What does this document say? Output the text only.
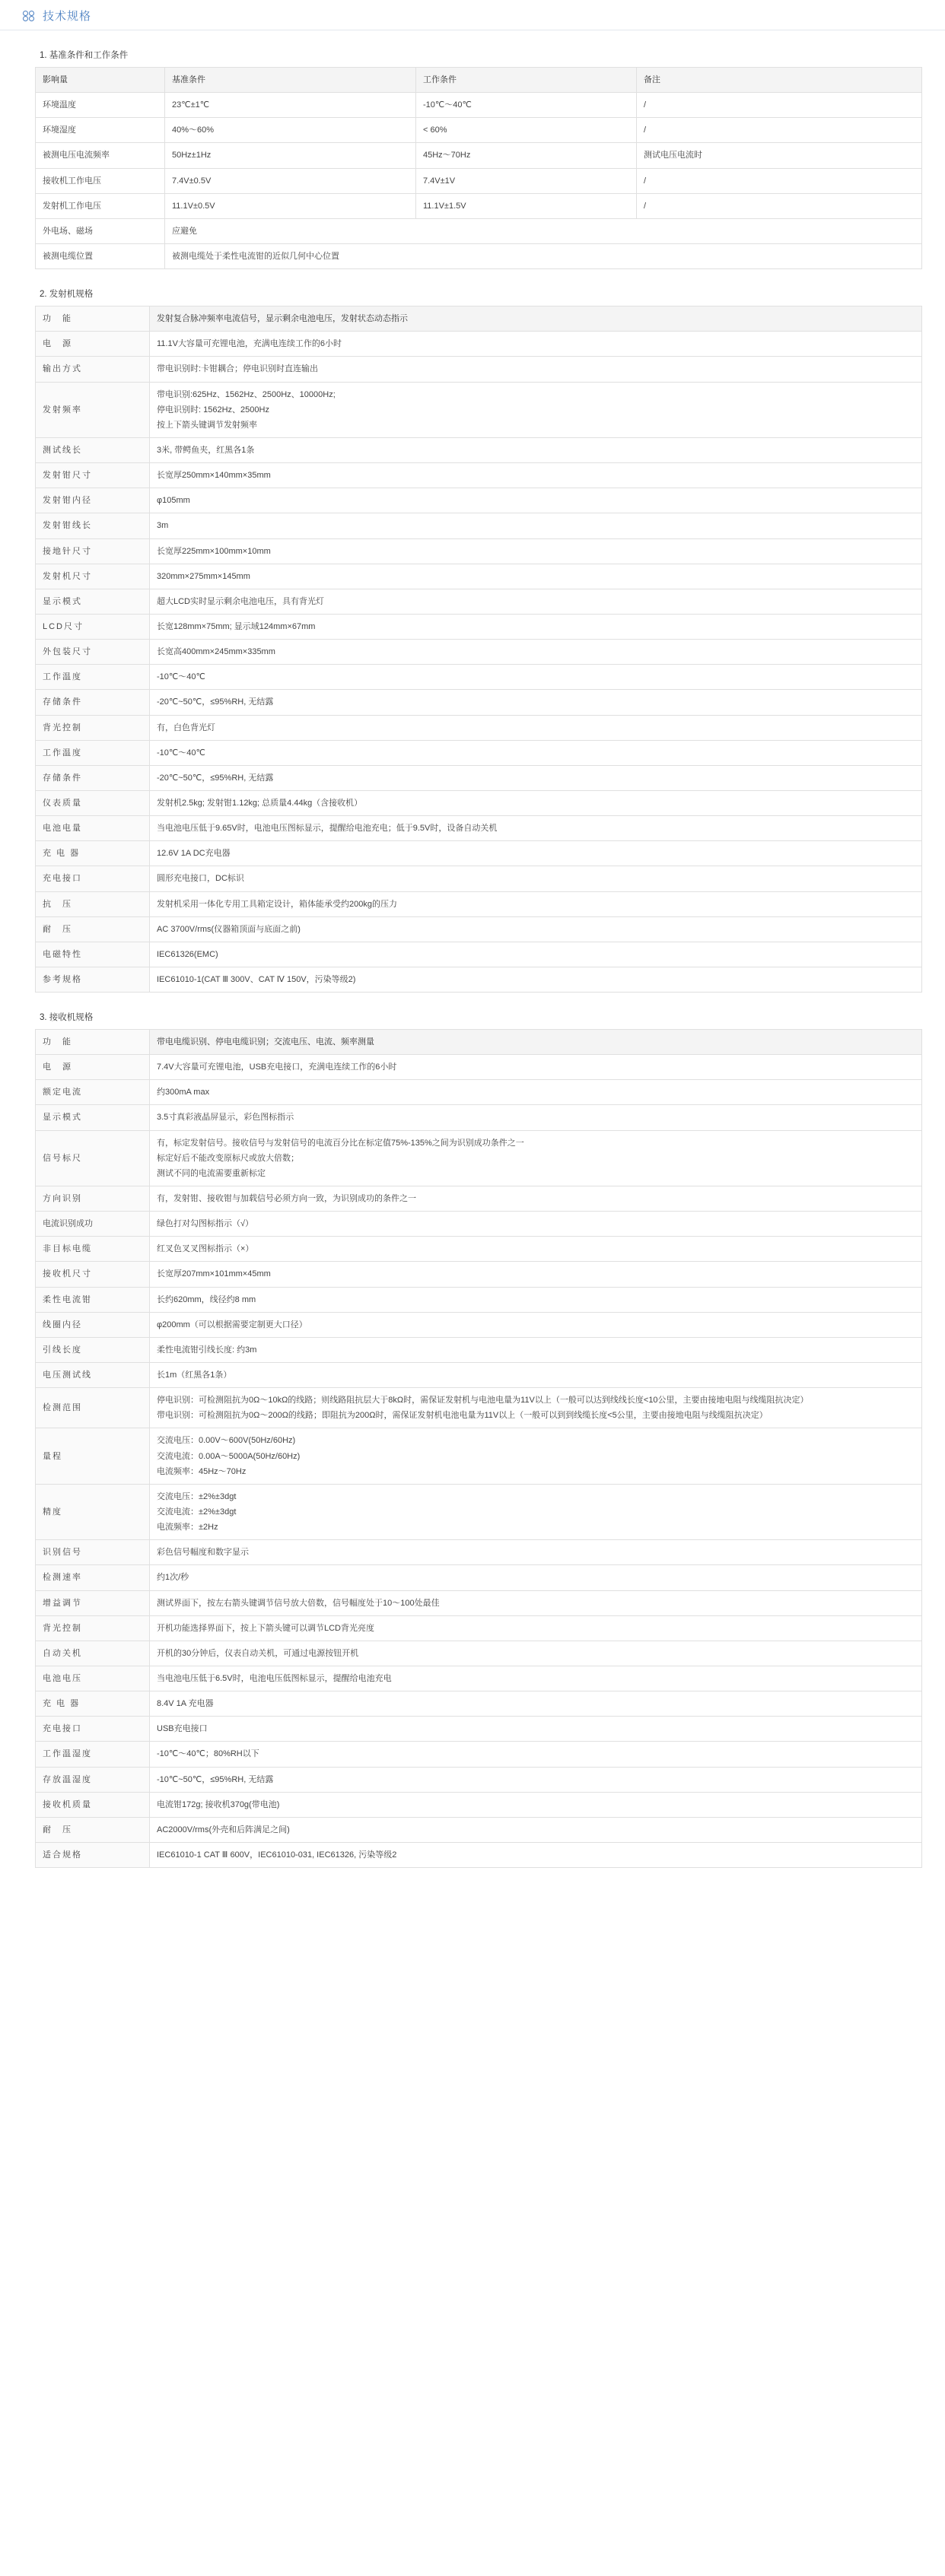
技术规格
1. 基准条件和工作条件
影响量	基准条件	工作条件	备注
环境温度	23℃±1℃	-10℃～40℃	/
环境湿度	40%～60%	< 60%	/
被测电压电流频率	50Hz±1Hz	45Hz～70Hz	测试电压电流时
接收机工作电压	7.4V±0.5V	7.4V±1V	/
发射机工作电压	11.1V±0.5V	11.1V±1.5V	/
外电场、磁场	应避免		
被测电缆位置	被测电缆处于柔性电流钳的近似几何中心位置		
2. 发射机规格
功　能	发射复合脉冲频率电流信号，显示剩余电池电压，发射状态动态指示
电　源	11.1V大容量可充锂电池，充满电连续工作的6小时

输出方式	带电识别时:卡钳耦合；停电识别时直连输出

发射频率	带电识别:625Hz、1562Hz、2500Hz、10000Hz;

停电识别时: 1562Hz、2500Hz

按上下箭头键调节发射频率

测试线长	3米, 带鳄鱼夹，红黑各1条

发射钳尺寸	长宽厚250mm×140mm×35mm

发射钳内径	φ105mm

发射钳线长	3m

接地针尺寸	长宽厚225mm×100mm×10mm

发射机尺寸	320mm×275mm×145mm

显示模式	超大LCD实时显示剩余电池电压，具有背光灯

LCD尺寸	长宽128mm×75mm; 显示域124mm×67mm

外包装尺寸	长宽高400mm×245mm×335mm

工作温度	-10℃～40℃

存储条件	-20℃~50℃，≤95%RH, 无结露

背光控制	有，白色背光灯

工作温度	-10℃～40℃

存储条件	-20℃~50℃，≤95%RH, 无结露

仪表质量	发射机2.5kg; 发射钳1.12kg; 总质量4.44kg（含接收机）

电池电量	当电池电压低于9.65V时，电池电压图标显示，提醒给电池充电；低于9.5V时，设备自动关机

充 电 器	12.6V 1A DC充电器

充电接口	圆形充电接口，DC标识

抗　压	发射机采用一体化专用工具箱定设计，箱体能承受约200kg的压力

耐　压	AC 3700V/rms(仪器箱顶面与底面之前)

电磁特性	IEC61326(EMC)

参考规格	IEC61010-1(CAT Ⅲ 300V、CAT Ⅳ 150V，污染等级2)

3. 接收机规格
功　能	带电电缆识别、停电电缆识别；交流电压、电流、频率测量
电　源	7.4V大容量可充锂电池，USB充电接口，充满电连续工作的6小时

额定电流	约300mA max

显示模式	3.5寸真彩液晶屏显示，彩色图标指示

信号标尺	有，标定发射信号。接收信号与发射信号的电流百分比在标定值75%-135%之间为识别成功条件之一

标定好后不能改变原标尺或放大倍数；

测试不同的电流需要重新标定

方向识别	有，发射钳、接收钳与加载信号必须方向一致，为识别成功的条件之一

电流识别成功	绿色打对勾图标指示（√）

非目标电缆	红叉色叉叉图标指示（×）

接收机尺寸	长宽厚207mm×101mm×45mm

柔性电流钳	长约620mm，线径约8 mm

线圈内径	φ200mm（可以根据需要定制更大口径）

引线长度	柔性电流钳引线长度: 约3m

电压测试线	长1m（红黑各1条）

检测范围	停电识别：可检测阻抗为0Ω～10kΩ的线路；则线路阻抗层大于8kΩ时，需保证发射机与电池电量为11V以上（一般可以达到线线长度<10公里，主要由接地电阻与线缆阻抗决定）

带电识别：可检测阻抗为0Ω～200Ω的线路；即阻抗为200Ω时，需保证发射机电池电量为11V以上（一般可以到到线缆长度<5公里，主要由接地电阻与线缆阻抗决定）

量程	交流电压：0.00V～600V(50Hz/60Hz)

交流电流：0.00A～5000A(50Hz/60Hz)

电流频率：45Hz～70Hz

精度	交流电压：±2%±3dgt

交流电流：±2%±3dgt

电流频率：±2Hz

识别信号	彩色信号幅度和数字显示

检测速率	约1次/秒

增益调节	测试界面下，按左右箭头键调节信号放大倍数，信号幅度处于10～100处最佳

背光控制	开机功能选择界面下，按上下箭头键可以调节LCD背光亮度

自动关机	开机的30分钟后，仪表自动关机，可通过电源按钮开机

电池电压	当电池电压低于6.5V时，电池电压低图标显示，提醒给电池充电

充 电 器	8.4V 1A 充电器

充电接口	USB充电接口

工作温湿度	-10℃～40℃；80%RH以下

存放温湿度	-10℃~50℃，≤95%RH, 无结露

接收机质量	电流钳172g; 接收机370g(带电池)

耐　压	AC2000V/rms(外壳和后阵满足之间)

适合规格	IEC61010-1 CAT Ⅲ 600V，IEC61010-031, IEC61326, 污染等级2
